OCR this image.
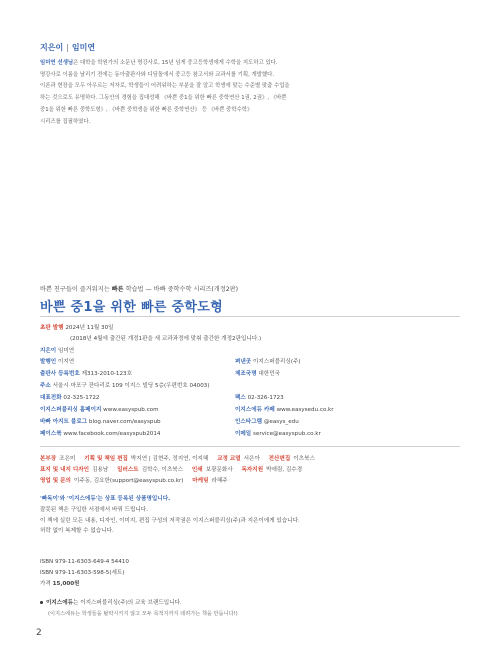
지은이 | 임미연
임미연 선생님은 대학을 학원가의 소문난 명강사로, 15년 넘게 중고등학생에게 수학을 지도하고 있다.
명강사로 이름을 날리기 전에는 동아출판사와 디딤돌에서 중고등 참고서와 교과서를 기획, 개발했다.
이론과 현장을 모두 아우르는 저자로, 학생들이 어려워하는 부분을 잘 알고 학생에 맞는 수준별 맞춤 수업을
하는 것으로도 유명하다. 그동안의 경험을 집대성해 《바쁜 중1을 위한 빠른 중학연산 1권, 2권》, 《바쁜
중1을 위한 빠른 중학도형》, 《바쁜 중학생을 위한 빠른 중학연산》 등 《바쁜 중학수학》
시리즈를 집필하였다.
바쁜 친구들이 즐거워지는 빠른 학습법 — 바빠 중학수학 시리즈(개정2판)
바쁜 중1을 위한 빠른 중학도형
초판 발행 2024년 11월 30일
(2018년 4월에 출간된 개정1판을 새 교과과정에 맞춰 출간한 개정2판입니다.)
지은이 임미연
발행인 이지연	펴낸곳 이지스퍼블리싱(주)
출판사 등록번호 제313-2010-123호	제조국명 대한민국
주소 서울시 마포구 잔다리로 109 이지스 빌딩 5층(우편번호 04003)
대표전화 02-325-1722	팩스 02-326-1723
이지스퍼블리싱 홈페이지 www.easyspub.com	이지스에듀 카페 www.easysedu.co.kr
바빠 아지트 블로그 blog.naver.com/easyspub	인스타그램 @easys_edu
페이스북 www.facebook.com/easyspub2014	이메일 service@easyspub.co.kr
본부장 조은미 기획 및 책임 편집 박지연 | 김현주, 정지연, 이지혜 교정 교열 서은아 전산편집 이츠북스
표지 및 내지 디자인 김용남 일러스트 김학수, 이츠북스 인쇄 보광문화사 독자지원 박애림, 김수경
영업 및 문의 이주동, 김요한(support@easyspub.co.kr) 마케팅 라혜주
'빠독이'와 '이지스에듀'는 상표 등록된 상품명입니다.
잘못된 책은 구입한 서점에서 바꿔 드립니다.
이 책에 실린 모든 내용, 디자인, 이미지, 편집 구성의 저작권은 이지스퍼블리싱(주)과 지은이에게 있습니다.
허락 없이 복제할 수 없습니다.
ISBN 979-11-6303-649-4 54410
ISBN 979-11-6303-598-5(세트)
가격 15,000원
이지스에듀는 이지스퍼블리싱(주)의 교육 브랜드입니다.
(이지스에듀는 학생들을 탈락시키지 않고 모두 목적지까지 데려가는 책을 만듭니다!)
2
